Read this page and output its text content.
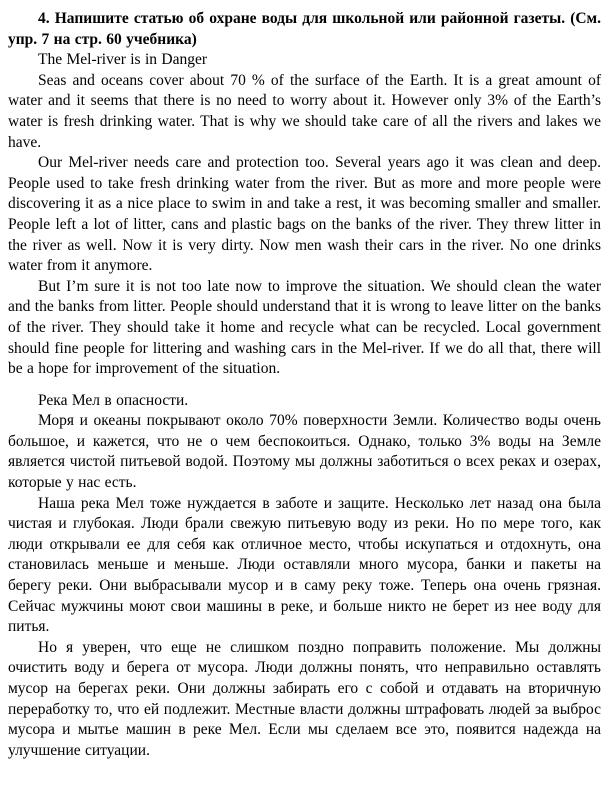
4. Напишите статью об охране воды для школьной или районной газеты. (См. упр. 7 на стр. 60 учебника)

The Mel-river is in Danger

Seas and oceans cover about 70 % of the surface of the Earth. It is a great amount of water and it seems that there is no need to worry about it. However only 3% of the Earth’s water is fresh drinking water. That is why we should take care of all the rivers and lakes we have.

Our Mel-river needs care and protection too. Several years ago it was clean and deep. People used to take fresh drinking water from the river. But as more and more people were discovering it as a nice place to swim in and take a rest, it was becoming smaller and smaller. People left a lot of litter, cans and plastic bags on the banks of the river. They threw litter in the river as well. Now it is very dirty. Now men wash their cars in the river. No one drinks water from it anymore.

But I’m sure it is not too late now to improve the situation. We should clean the water and the banks from litter. People should understand that it is wrong to leave litter on the banks of the river. They should take it home and recycle what can be recycled. Local government should fine people for littering and washing cars in the Mel-river. If we do all that, there will be a hope for improvement of the situation.

Река Мел в опасности.

Моря и океаны покрывают около 70% поверхности Земли. Количество воды очень большое, и кажется, что не о чем беспокоиться. Однако, только 3% воды на Земле является чистой питьевой водой. Поэтому мы должны заботиться о всех реках и озерах, которые у нас есть.

Наша река Мел тоже нуждается в заботе и защите. Несколько лет назад она была чистая и глубокая. Люди брали свежую питьевую воду из реки. Но по мере того, как люди открывали ее для себя как отличное место, чтобы искупаться и отдохнуть, она становилась меньше и меньше. Люди оставляли много мусора, банки и пакеты на берегу реки. Они выбрасывали мусор и в саму реку тоже. Теперь она очень грязная. Сейчас мужчины моют свои машины в реке, и больше никто не берет из нее воду для питья.

Но я уверен, что еще не слишком поздно поправить положение. Мы должны очистить воду и берега от мусора. Люди должны понять, что неправильно оставлять мусор на берегах реки. Они должны забирать его с собой и отдавать на вторичную переработку то, что ей подлежит. Местные власти должны штрафовать людей за выброс мусора и мытье машин в реке Мел. Если мы сделаем все это, появится надежда на улучшение ситуации.
